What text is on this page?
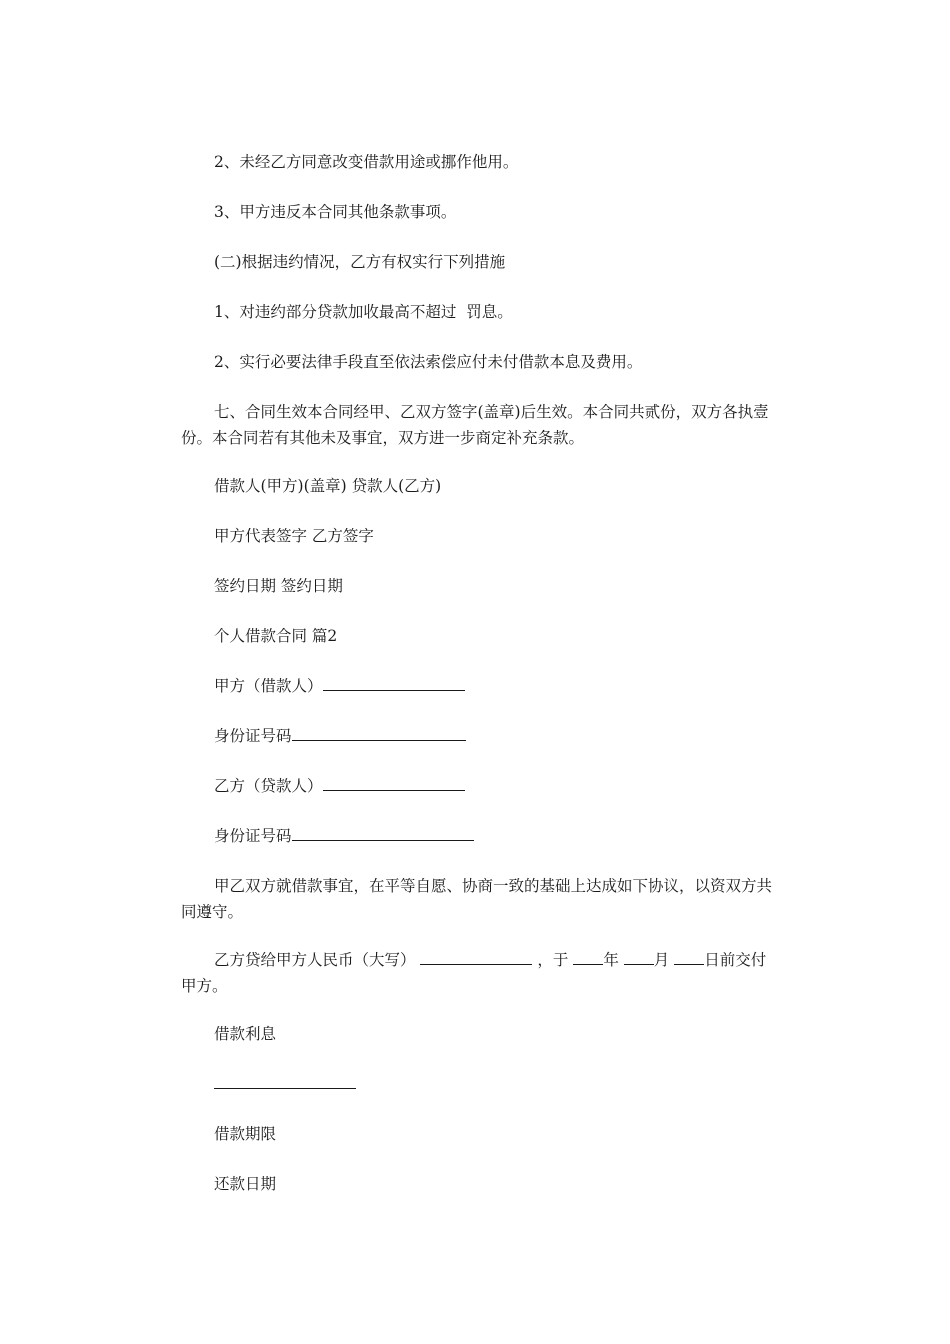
2、未经乙方同意改变借款用途或挪作他用。

3、甲方违反本合同其他条款事项。

(二)根据违约情况，乙方有权实行下列措施

1、对违约部分贷款加收最高不超过  罚息。

2、实行必要法律手段直至依法索偿应付未付借款本息及费用。

七、合同生效本合同经甲、乙双方签字(盖章)后生效。本合同共贰份，双方各执壹份。本合同若有其他未及事宜，双方进一步商定补充条款。

借款人(甲方)(盖章) 贷款人(乙方)

甲方代表签字 乙方签字

签约日期 签约日期

个人借款合同 篇2

甲方（借款人）

身份证号码

乙方（贷款人）

身份证号码

甲乙双方就借款事宜，在平等自愿、协商一致的基础上达成如下协议，以资双方共同遵守。

乙方贷给甲方人民币（大写）	，于 年 月 日前交付甲方。

借款利息

借款期限

还款日期
